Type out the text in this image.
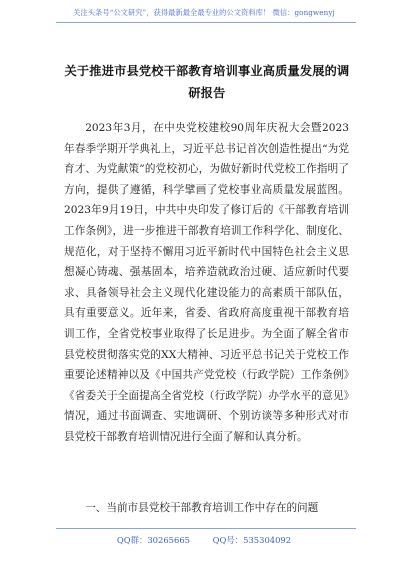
关注头条号“公文研究”，获得最新最全最专业的公文资料库！ 微信：gongwenyj
关于推进市县党校干部教育培训事业高质量发展的调研报告

2023年3月，在中央党校建校90周年庆祝大会暨2023年春季学期开学典礼上，习近平总书记首次创造性提出“为党育才、为党献策”的党校初心，为做好新时代党校工作指明了方向，提供了遵循，科学擘画了党校事业高质量发展蓝图。2023年9月19日，中共中央印发了修订后的《干部教育培训工作条例》，进一步推进干部教育培训工作科学化、制度化、规范化，对于坚持不懈用习近平新时代中国特色社会主义思想凝心铸魂、强基固本，培养造就政治过硬、适应新时代要求、具备领导社会主义现代化建设能力的高素质干部队伍，具有重要意义。近年来，省委、省政府高度重视干部教育培训工作，全省党校事业取得了长足进步。为全面了解全省市县党校贯彻落实党的XX大精神、习近平总书记关于党校工作重要论述精神以及《中国共产党党校（行政学院）工作条例》《省委关于全面提高全省党校（行政学院）办学水平的意见》情况，通过书面调查、实地调研、个别访谈等多种形式对市县党校干部教育培训情况进行全面了解和认真分析。

一、当前市县党校干部教育培训工作中存在的问题
QQ群：30265665	QQ号：535304092
